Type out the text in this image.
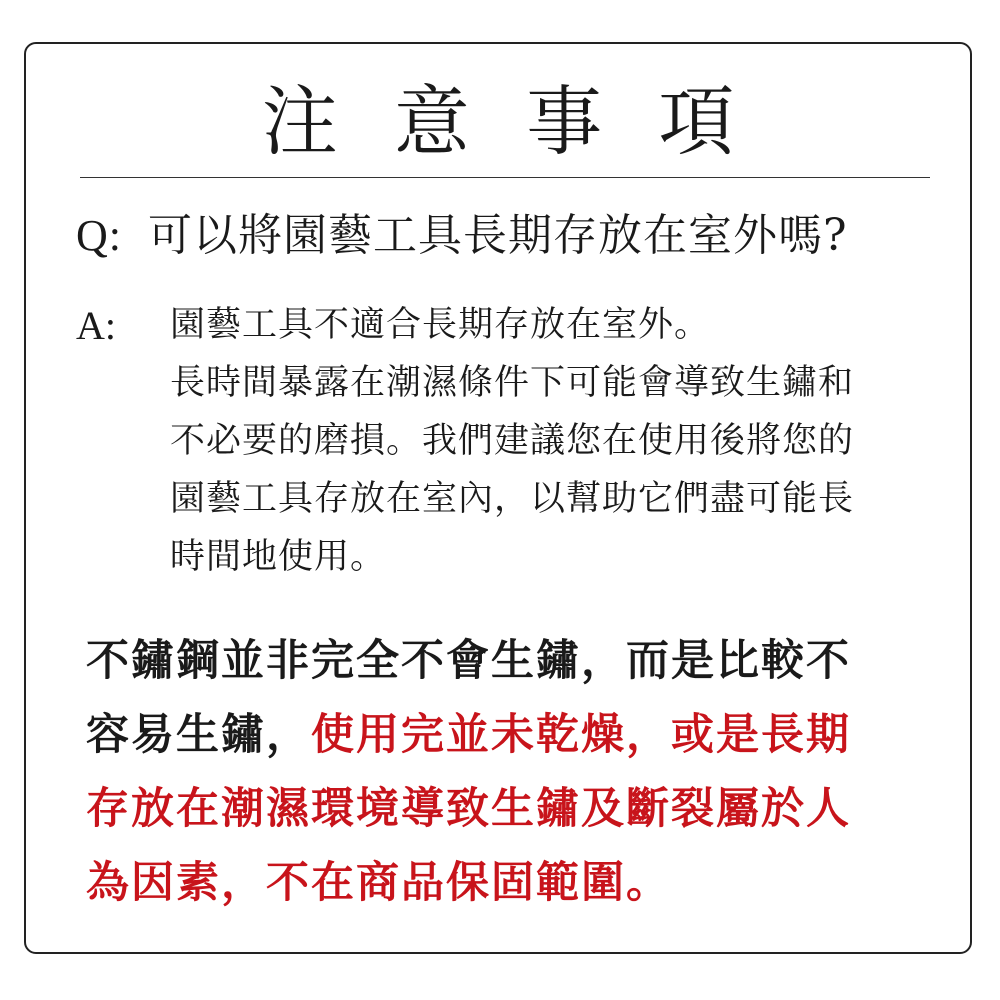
注 意 事 項
Q: 可以將園藝工具長期存放在室外嗎?
A: 園藝工具不適合長期存放在室外。
長時間暴露在潮濕條件下可能會導致生鏽和
不必要的磨損。我們建議您在使用後將您的
園藝工具存放在室內，以幫助它們盡可能長
時間地使用。
不鏽鋼並非完全不會生鏽，而是比較不
容易生鏽，使用完並未乾燥，或是長期
存放在潮濕環境導致生鏽及斷裂屬於人
為因素，不在商品保固範圍。
